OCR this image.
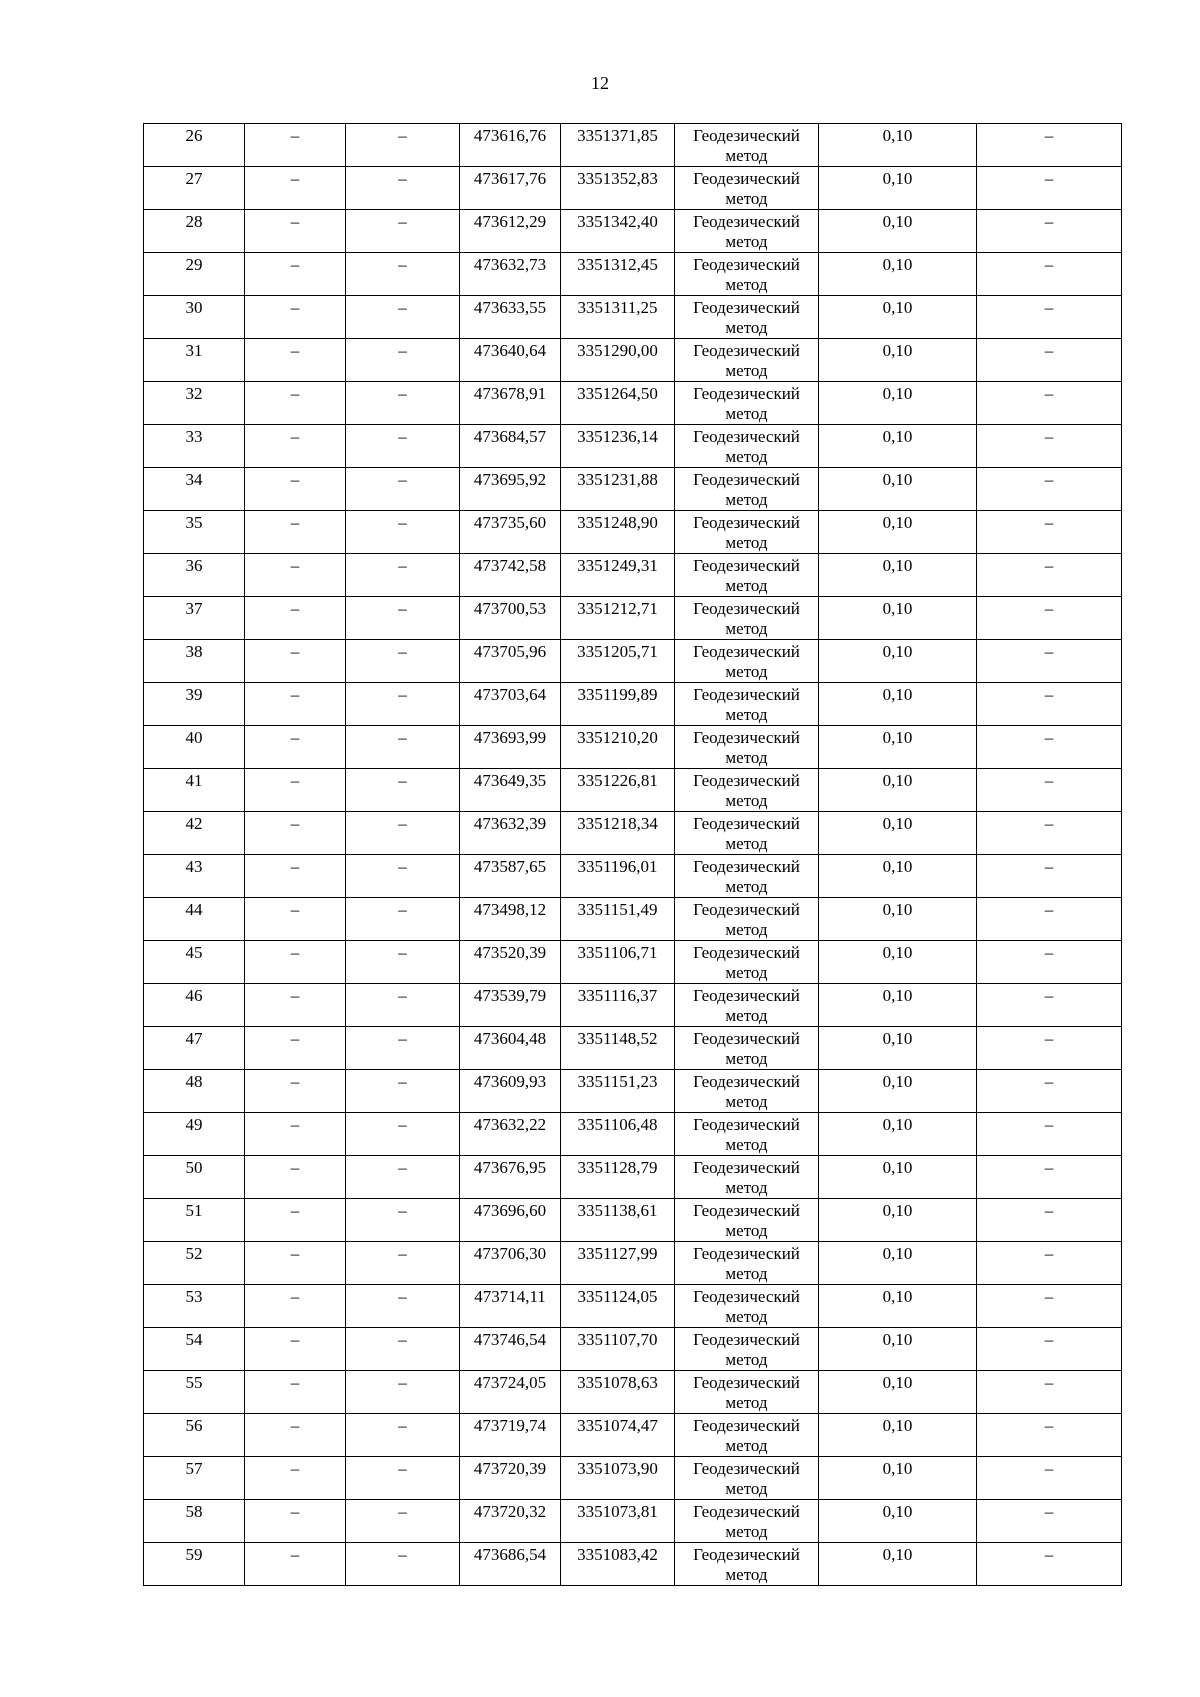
12
26	–	–	473616,76	3351371,85	Геодезический метод	0,10	–

27	–	–	473617,76	3351352,83	Геодезический метод	0,10	–

28	–	–	473612,29	3351342,40	Геодезический метод	0,10	–

29	–	–	473632,73	3351312,45	Геодезический метод	0,10	–

30	–	–	473633,55	3351311,25	Геодезический метод	0,10	–

31	–	–	473640,64	3351290,00	Геодезический метод	0,10	–

32	–	–	473678,91	3351264,50	Геодезический метод	0,10	–

33	–	–	473684,57	3351236,14	Геодезический метод	0,10	–

34	–	–	473695,92	3351231,88	Геодезический метод	0,10	–

35	–	–	473735,60	3351248,90	Геодезический метод	0,10	–

36	–	–	473742,58	3351249,31	Геодезический метод	0,10	–

37	–	–	473700,53	3351212,71	Геодезический метод	0,10	–

38	–	–	473705,96	3351205,71	Геодезический метод	0,10	–

39	–	–	473703,64	3351199,89	Геодезический метод	0,10	–

40	–	–	473693,99	3351210,20	Геодезический метод	0,10	–

41	–	–	473649,35	3351226,81	Геодезический метод	0,10	–

42	–	–	473632,39	3351218,34	Геодезический метод	0,10	–

43	–	–	473587,65	3351196,01	Геодезический метод	0,10	–

44	–	–	473498,12	3351151,49	Геодезический метод	0,10	–

45	–	–	473520,39	3351106,71	Геодезический метод	0,10	–

46	–	–	473539,79	3351116,37	Геодезический метод	0,10	–

47	–	–	473604,48	3351148,52	Геодезический метод	0,10	–

48	–	–	473609,93	3351151,23	Геодезический метод	0,10	–

49	–	–	473632,22	3351106,48	Геодезический метод	0,10	–

50	–	–	473676,95	3351128,79	Геодезический метод	0,10	–

51	–	–	473696,60	3351138,61	Геодезический метод	0,10	–

52	–	–	473706,30	3351127,99	Геодезический метод	0,10	–

53	–	–	473714,11	3351124,05	Геодезический метод	0,10	–

54	–	–	473746,54	3351107,70	Геодезический метод	0,10	–

55	–	–	473724,05	3351078,63	Геодезический метод	0,10	–

56	–	–	473719,74	3351074,47	Геодезический метод	0,10	–

57	–	–	473720,39	3351073,90	Геодезический метод	0,10	–

58	–	–	473720,32	3351073,81	Геодезический метод	0,10	–

59	–	–	473686,54	3351083,42	Геодезический метод	0,10	–
